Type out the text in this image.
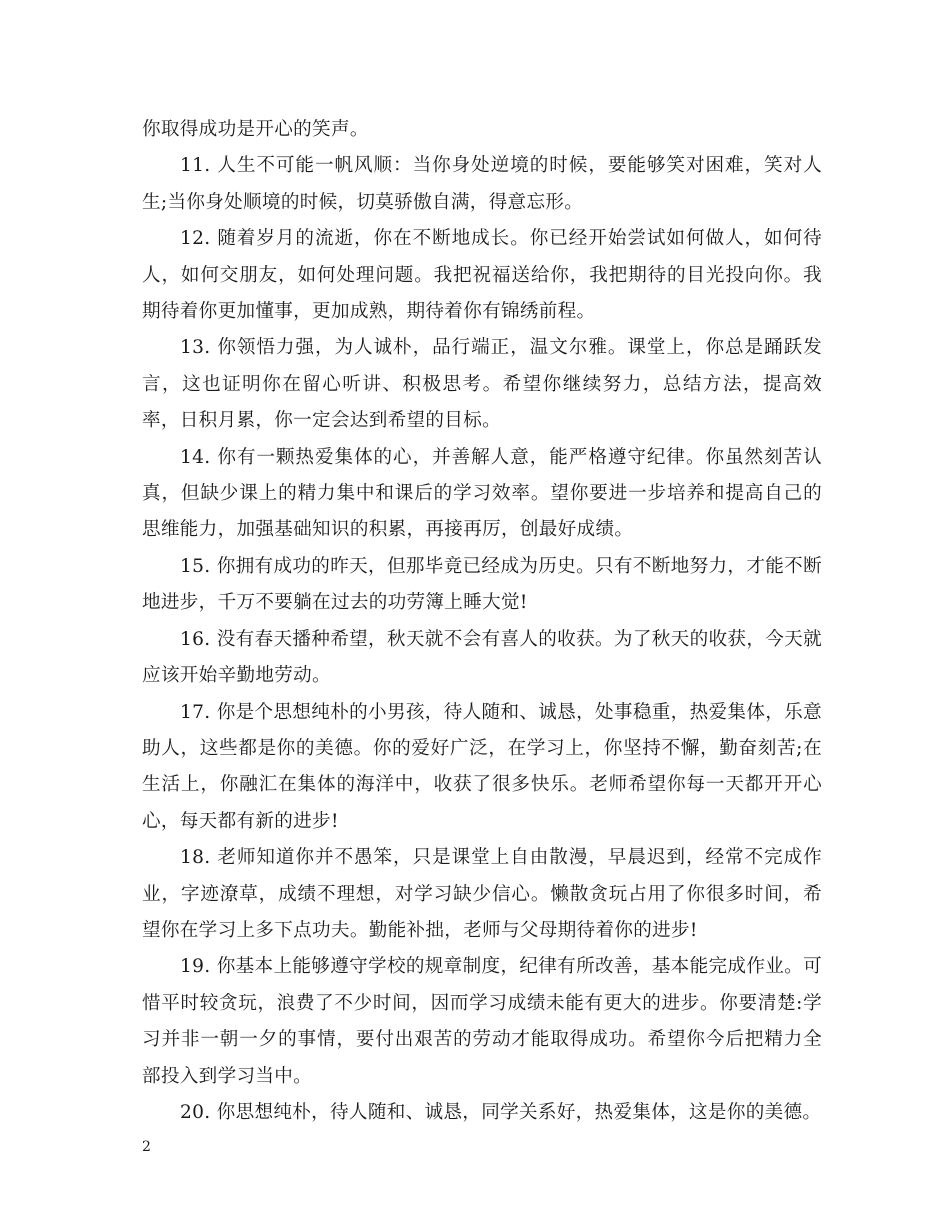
你取得成功是开心的笑声。

11. 人生不可能一帆风顺：当你身处逆境的时候，要能够笑对困难，笑对人生;当你身处顺境的时候，切莫骄傲自满，得意忘形。

12. 随着岁月的流逝，你在不断地成长。你已经开始尝试如何做人，如何待人，如何交朋友，如何处理问题。我把祝福送给你，我把期待的目光投向你。我期待着你更加懂事，更加成熟，期待着你有锦绣前程。

13. 你领悟力强，为人诚朴，品行端正，温文尔雅。课堂上，你总是踊跃发言，这也证明你在留心听讲、积极思考。希望你继续努力，总结方法，提高效率，日积月累，你一定会达到希望的目标。

14. 你有一颗热爱集体的心，并善解人意，能严格遵守纪律。你虽然刻苦认真，但缺少课上的精力集中和课后的学习效率。望你要进一步培养和提高自己的思维能力，加强基础知识的积累，再接再厉，创最好成绩。

15. 你拥有成功的昨天，但那毕竟已经成为历史。只有不断地努力，才能不断地进步，千万不要躺在过去的功劳簿上睡大觉!

16. 没有春天播种希望，秋天就不会有喜人的收获。为了秋天的收获，今天就应该开始辛勤地劳动。

17. 你是个思想纯朴的小男孩，待人随和、诚恳，处事稳重，热爱集体，乐意助人，这些都是你的美德。你的爱好广泛，在学习上，你坚持不懈，勤奋刻苦;在生活上，你融汇在集体的海洋中，收获了很多快乐。老师希望你每一天都开开心心，每天都有新的进步!

18. 老师知道你并不愚笨，只是课堂上自由散漫，早晨迟到，经常不完成作业，字迹潦草，成绩不理想，对学习缺少信心。懒散贪玩占用了你很多时间，希望你在学习上多下点功夫。勤能补拙，老师与父母期待着你的进步!

19. 你基本上能够遵守学校的规章制度，纪律有所改善，基本能完成作业。可惜平时较贪玩，浪费了不少时间，因而学习成绩未能有更大的进步。你要清楚:学习并非一朝一夕的事情，要付出艰苦的劳动才能取得成功。希望你今后把精力全部投入到学习当中。

20. 你思想纯朴，待人随和、诚恳，同学关系好，热爱集体，这是你的美德。

2
